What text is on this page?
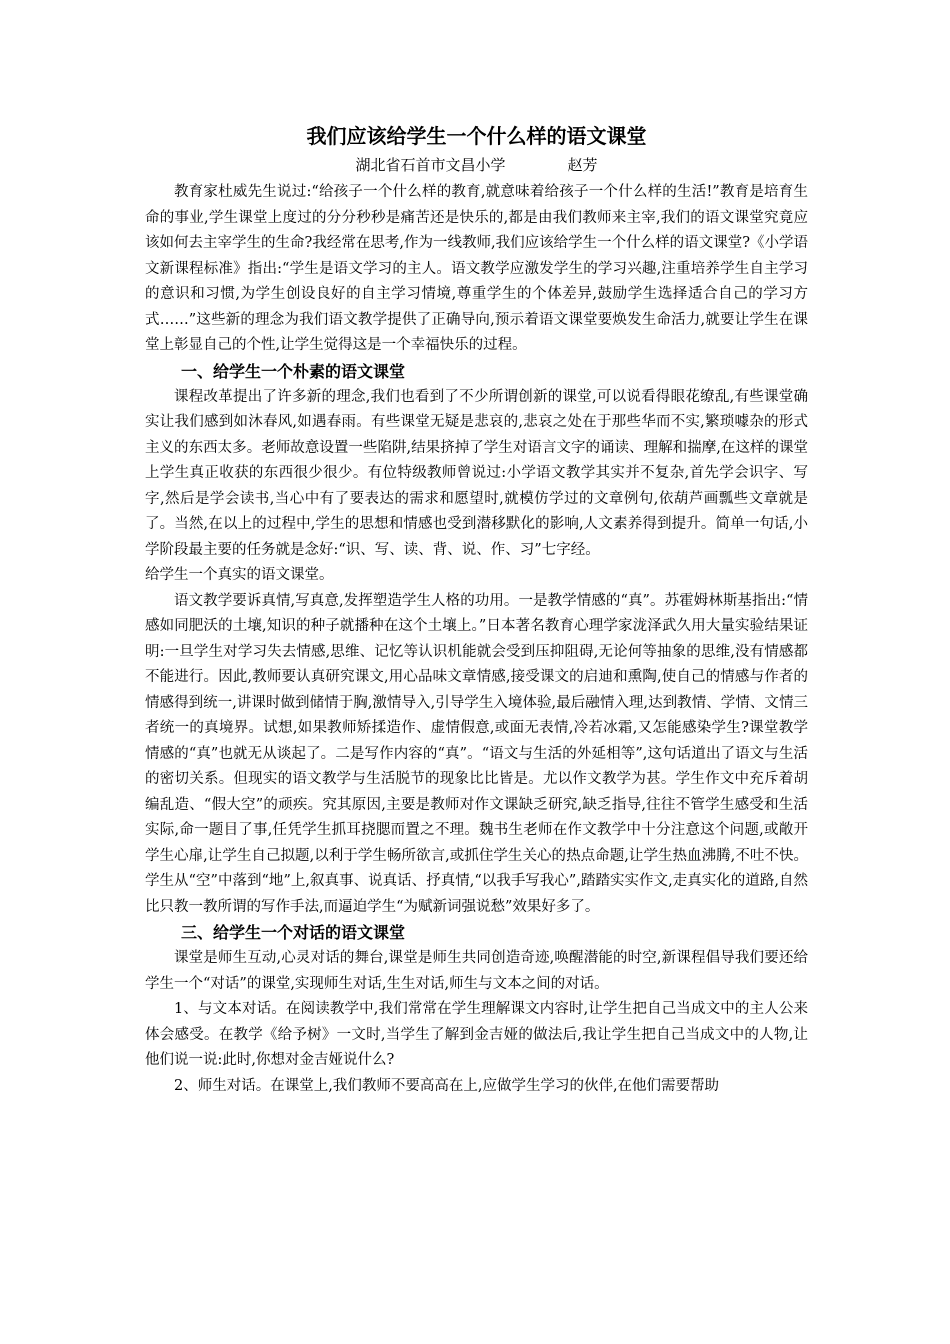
我们应该给学生一个什么样的语文课堂
湖北省石首市文昌小学	赵芳

教育家杜威先生说过:“给孩子一个什么样的教育,就意味着给孩子一个什么样的生活!”教育是培育生命的事业,学生课堂上度过的分分秒秒是痛苦还是快乐的,都是由我们教师来主宰,我们的语文课堂究竟应该如何去主宰学生的生命?我经常在思考,作为一线教师,我们应该给学生一个什么样的语文课堂?《小学语文新课程标准》指出:“学生是语文学习的主人。语文教学应激发学生的学习兴趣,注重培养学生自主学习的意识和习惯,为学生创设良好的自主学习情境,尊重学生的个体差异,鼓励学生选择适合自己的学习方式……”这些新的理念为我们语文教学提供了正确导向,预示着语文课堂要焕发生命活力,就要让学生在课堂上彰显自己的个性,让学生觉得这是一个幸福快乐的过程。

一、给学生一个朴素的语文课堂

课程改革提出了许多新的理念,我们也看到了不少所谓创新的课堂,可以说看得眼花缭乱,有些课堂确实让我们感到如沐春风,如遇春雨。有些课堂无疑是悲哀的,悲哀之处在于那些华而不实,繁琐噱杂的形式主义的东西太多。老师故意设置一些陷阱,结果挤掉了学生对语言文字的诵读、理解和揣摩,在这样的课堂上学生真正收获的东西很少很少。有位特级教师曾说过:小学语文教学其实并不复杂,首先学会识字、写字,然后是学会读书,当心中有了要表达的需求和愿望时,就模仿学过的文章例句,依葫芦画瓢些文章就是了。当然,在以上的过程中,学生的思想和情感也受到潜移默化的影响,人文素养得到提升。简单一句话,小学阶段最主要的任务就是念好:“识、写、读、背、说、作、习”七字经。

给学生一个真实的语文课堂。

语文教学要诉真情,写真意,发挥塑造学生人格的功用。一是教学情感的“真”。苏霍姆林斯基指出:“情感如同肥沃的土壤,知识的种子就播种在这个土壤上。”日本著名教育心理学家泷泽武久用大量实验结果证明:一旦学生对学习失去情感,思维、记忆等认识机能就会受到压抑阻碍,无论何等抽象的思维,没有情感都不能进行。因此,教师要认真研究课文,用心品味文章情感,接受课文的启迪和熏陶,使自己的情感与作者的情感得到统一,讲课时做到储情于胸,激情导入,引导学生入境体验,最后融情入理,达到教情、学情、文情三者统一的真境界。试想,如果教师矫揉造作、虚情假意,或面无表情,冷若冰霜,又怎能感染学生?课堂教学情感的“真”也就无从谈起了。二是写作内容的“真”。“语文与生活的外延相等”,这句话道出了语文与生活的密切关系。但现实的语文教学与生活脱节的现象比比皆是。尤以作文教学为甚。学生作文中充斥着胡编乱造、“假大空”的顽疾。究其原因,主要是教师对作文课缺乏研究,缺乏指导,往往不管学生感受和生活实际,命一题目了事,任凭学生抓耳挠腮而置之不理。魏书生老师在作文教学中十分注意这个问题,或敞开学生心扉,让学生自己拟题,以利于学生畅所欲言,或抓住学生关心的热点命题,让学生热血沸腾,不吐不快。学生从“空”中落到“地”上,叙真事、说真话、抒真情,“以我手写我心”,踏踏实实作文,走真实化的道路,自然比只教一教所谓的写作手法,而逼迫学生“为赋新词强说愁”效果好多了。

三、给学生一个对话的语文课堂

课堂是师生互动,心灵对话的舞台,课堂是师生共同创造奇迹,唤醒潜能的时空,新课程倡导我们要还给学生一个“对话”的课堂,实现师生对话,生生对话,师生与文本之间的对话。

1、与文本对话。在阅读教学中,我们常常在学生理解课文内容时,让学生把自己当成文中的主人公来体会感受。在教学《给予树》一文时,当学生了解到金吉娅的做法后,我让学生把自己当成文中的人物,让他们说一说:此时,你想对金吉娅说什么?

2、师生对话。在课堂上,我们教师不要高高在上,应做学生学习的伙伴,在他们需要帮助
